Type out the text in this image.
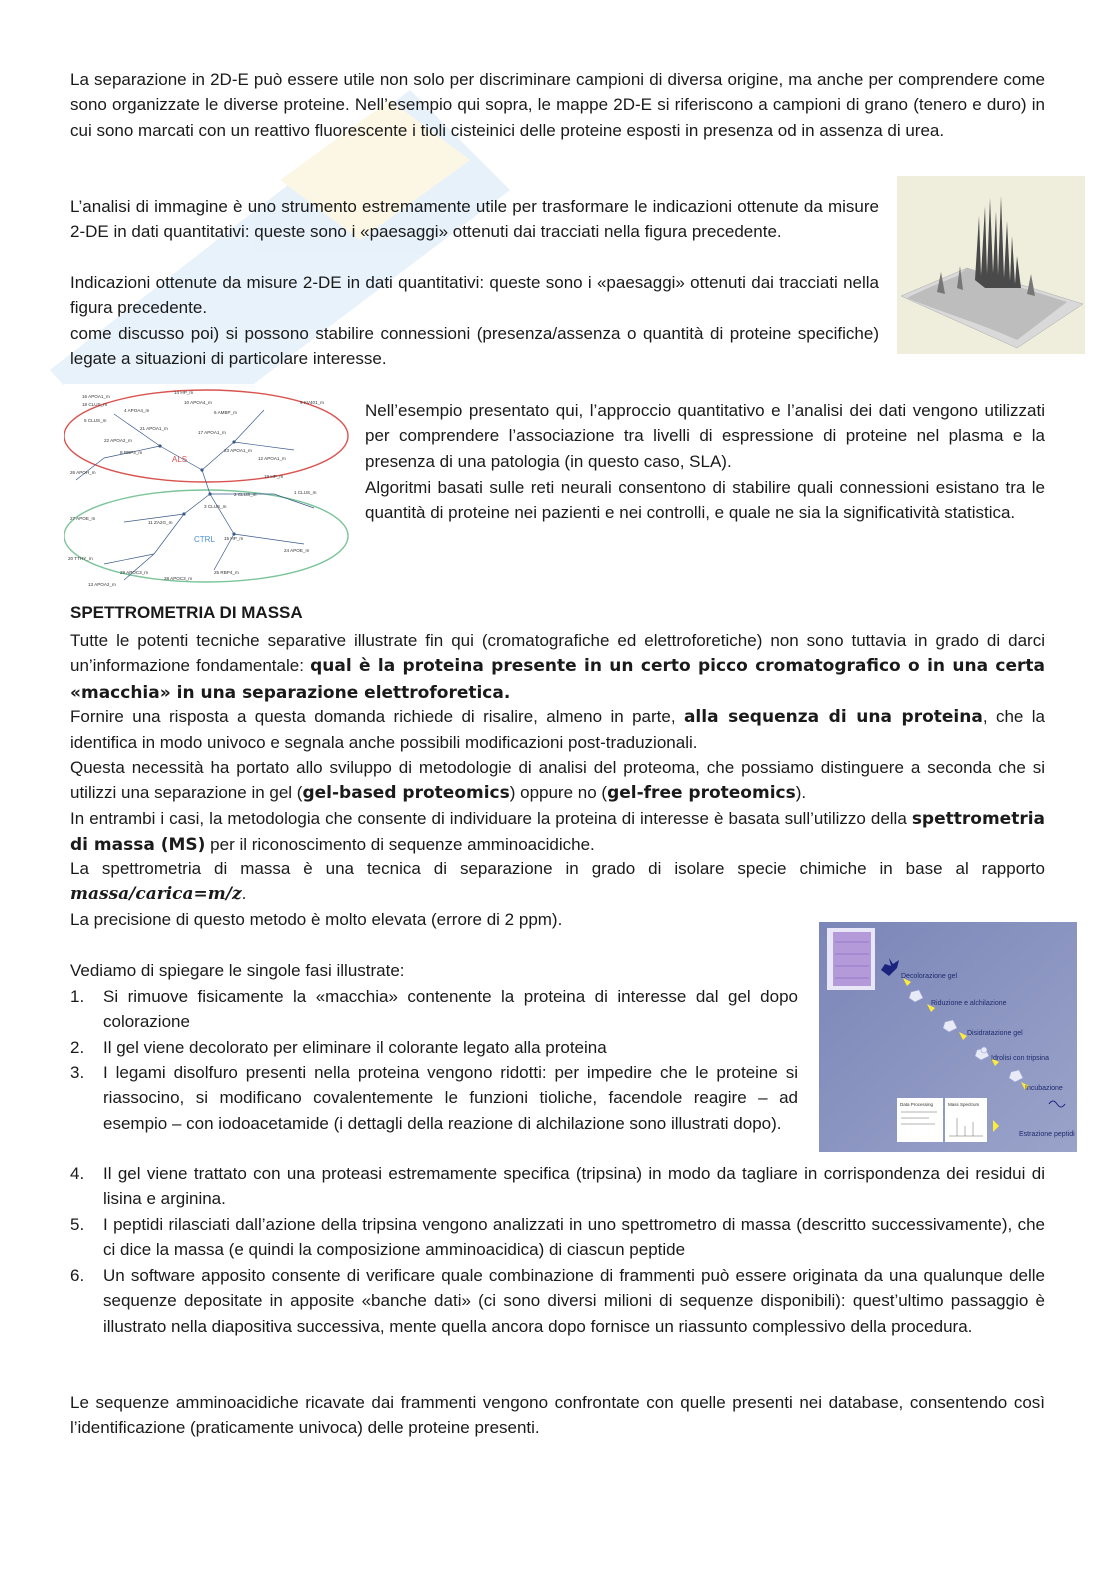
La separazione in 2D-E può essere utile non solo per discriminare campioni di diversa origine, ma anche per comprendere come sono organizzate le diverse proteine. Nell’esempio qui sopra, le mappe 2D-E si riferiscono a campioni di grano (tenero e duro) in cui sono marcati con un reattivo fluorescente i tioli cisteinici delle proteine esposti in presenza od in assenza di urea.
L’analisi di immagine è uno strumento estremamente utile per trasformare le indicazioni ottenute da misure 2-DE in dati quantitativi: queste sono i «paesaggi» ottenuti dai tracciati nella figura precedente.
Indicazioni ottenute da misure 2-DE in dati quantitativi: queste sono i «paesaggi» ottenuti dai tracciati nella figura precedente.
come discusso poi) si possono stabilire connessioni (presenza/assenza o quantità di proteine specifiche) legate a situazioni di particolare interesse.
ALS
CTRL
16 APOA1_m
18 CLUS_m
4 APOA4_m
5 CLUS_m
14 HP_m
10 APOA4_m
21 APOA1_m
17 APOA1_m
9 KV401_m
23 APOA1_m
22 APOA2_m
12 APOA1_m
19 HP_m
26 APOH_m
8 RBP4_m
6 AMBP_m
2 CLUS_m	1 CLUS_m
27 APOE_m
11 ZA2G_m
3 CLUS_m
15 HP_m
20 TTHY_m
29 APOC3_m
28 APOC3_m
24 APOE_m
13 APOA2_m
25 RBP4_m
Nell’esempio presentato qui, l’approccio quantitativo e l’analisi dei dati vengono utilizzati per comprendere l’associazione tra livelli di espressione di proteine nel plasma e la presenza di una patologia (in questo caso, SLA).
Algoritmi basati sulle reti neurali consentono di stabilire quali connessioni esistano tra le quantità di proteine nei pazienti e nei controlli, e quale ne sia la significatività statistica.
SPETTROMETRIA DI MASSA
Tutte le potenti tecniche separative illustrate fin qui (cromatografiche ed elettroforetiche) non sono tuttavia in grado di darci un’informazione fondamentale: qual è la proteina presente in un certo picco cromatografico o in una certa «macchia» in una separazione elettroforetica.
Fornire una risposta a questa domanda richiede di risalire, almeno in parte, alla sequenza di una proteina, che la identifica in modo univoco e segnala anche possibili modificazioni post-traduzionali.
Questa necessità ha portato allo sviluppo di metodologie di analisi del proteoma, che possiamo distinguere a seconda che si utilizzi una separazione in gel (gel-based proteomics) oppure no (gel-free proteomics).
In entrambi i casi, la metodologia che consente di individuare la proteina di interesse è basata sull’utilizzo della spettrometria di massa (MS) per il riconoscimento di sequenze amminoacidiche.
La spettrometria di massa è una tecnica di separazione in grado di isolare specie chimiche in base al rapporto massa/carica=m/z.
La precisione di questo metodo è molto elevata (errore di 2 ppm).
Vediamo di spiegare le singole fasi illustrate:	Decolorazione gel
Riduzione e alchilazione
Disidratazione gel
Idrolisi con tripsina
Incubazione
Estrazione peptidi
Data Processing	Mass Spectrum
1.	Si rimuove fisicamente la «macchia» contenente la proteina di interesse dal gel dopo colorazione
2.	Il gel viene decolorato per eliminare il colorante legato alla proteina
3.	I legami disolfuro presenti nella proteina vengono ridotti: per impedire che le proteine si riassocino, si modificano covalentemente le funzioni tioliche, facendole reagire – ad esempio – con iodoacetamide (i dettagli della reazione di alchilazione sono illustrati dopo).
4.	Il gel viene trattato con una proteasi estremamente specifica (tripsina) in modo da tagliare in corrispondenza dei residui di lisina e arginina.
5.	I peptidi rilasciati dall’azione della tripsina vengono analizzati in uno spettrometro di massa (descritto successivamente), che ci dice la massa (e quindi la composizione amminoacidica) di ciascun peptide
6.	Un software apposito consente di verificare quale combinazione di frammenti può essere originata da una qualunque delle sequenze depositate in apposite «banche dati» (ci sono diversi milioni di sequenze disponibili): quest’ultimo passaggio è illustrato nella diapositiva successiva, mente quella ancora dopo fornisce un riassunto complessivo della procedura.
Le sequenze amminoacidiche ricavate dai frammenti vengono confrontate con quelle presenti nei database, consentendo così l’identificazione (praticamente univoca) delle proteine presenti.
